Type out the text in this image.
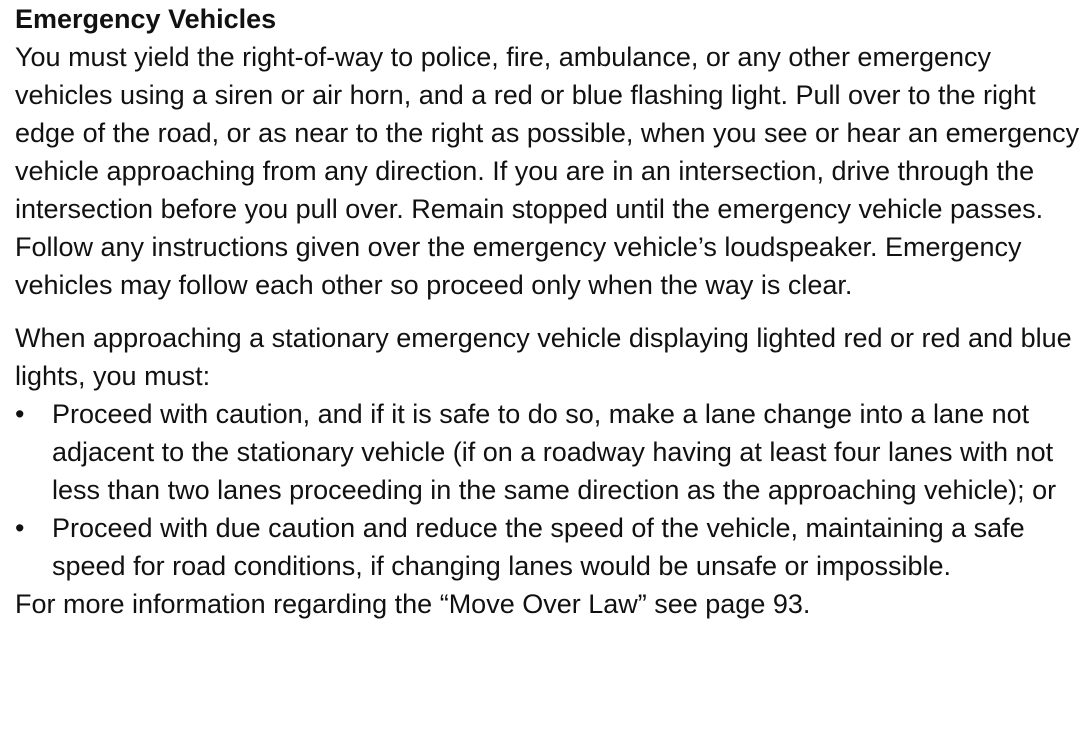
Emergency Vehicles

You must yield the right-of-way to police, fire, ambulance, or any other emergency vehicles using a siren or air horn, and a red or blue flashing light. Pull over to the right edge of the road, or as near to the right as possible, when you see or hear an emergency vehicle approaching from any direction. If you are in an intersection, drive through the intersection before you pull over. Remain stopped until the emergency vehicle passes. Follow any instructions given over the emergency vehicle’s loudspeaker. Emergency vehicles may follow each other so proceed only when the way is clear.

When approaching a stationary emergency vehicle displaying lighted red or red and blue lights, you must:

• Proceed with caution, and if it is safe to do so, make a lane change into a lane not adjacent to the stationary vehicle (if on a roadway having at least four lanes with not less than two lanes proceeding in the same direction as the approaching vehicle); or
• Proceed with due caution and reduce the speed of the vehicle, maintaining a safe speed for road conditions, if changing lanes would be unsafe or impossible.

For more information regarding the “Move Over Law” see page 93.
